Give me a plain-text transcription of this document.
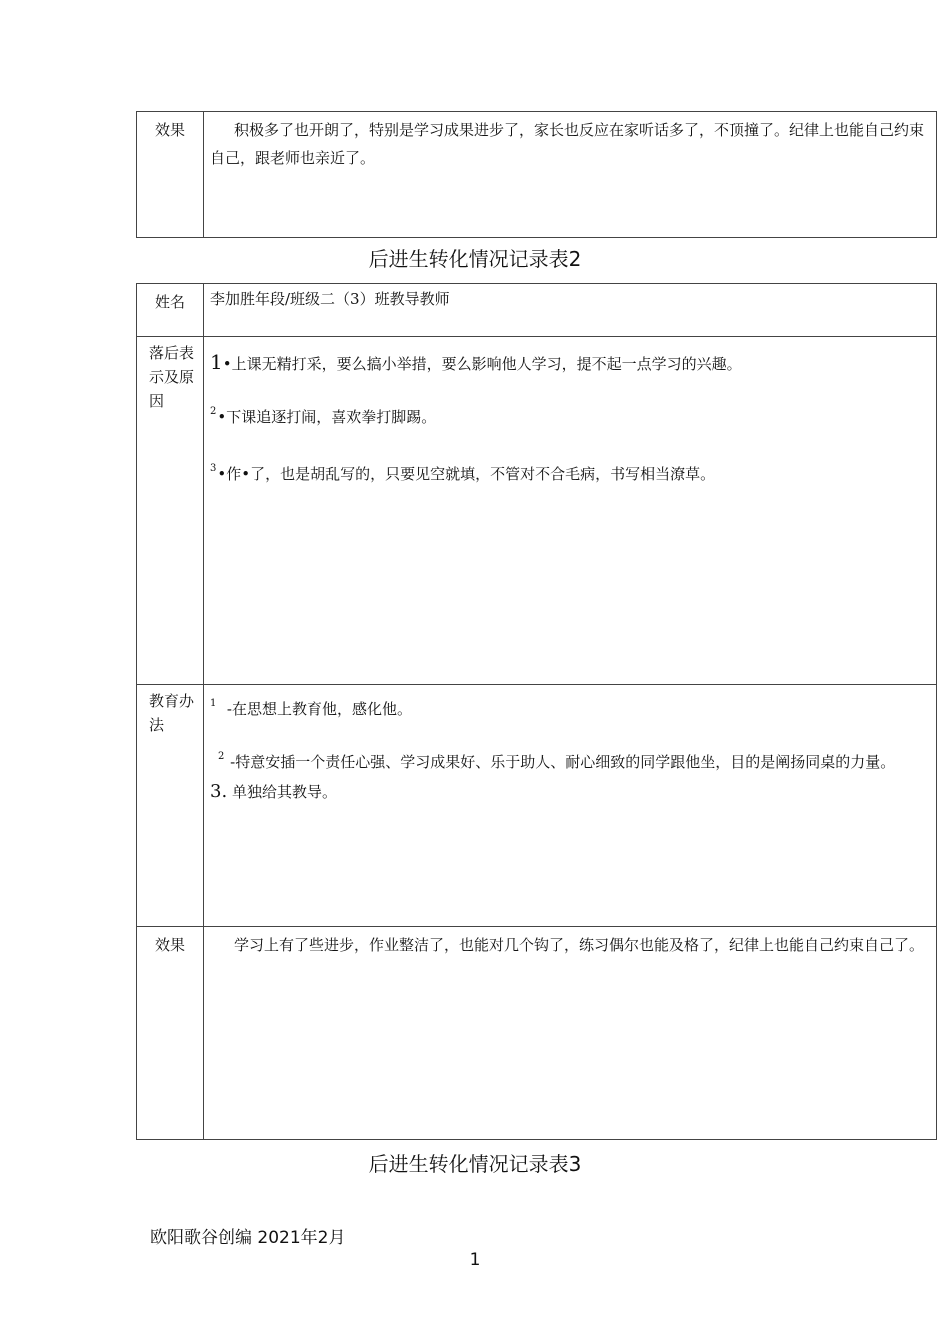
效果	积极多了也开朗了，特别是学习成果进步了，家长也反应在家听话多了，不顶撞了。纪律上也能自己约束自己，跟老师也亲近了。
后进生转化情况记录表2
姓名	李加胜年段/班级二（3）班教导教师

落后表示及原因	1•上课无精打采，要么搞小举措，要么影响他人学习，提不起一点学习的兴趣。
$^2$•下课追逐打闹，喜欢拳打脚踢。
$^3$•作•了，也是胡乱写的，只要见空就填，不管对不合毛病，书写相当潦草。

教育办法	$^1$ -在思想上教育他，感化他。
$^2$ -特意安插一个责任心强、学习成果好、乐于助人、耐心细致的同学跟他坐，目的是阐扬同桌的力量。
3. 单独给其教导。

效果	学习上有了些进步，作业整洁了，也能对几个钩了，练习偶尔也能及格了，纪律上也能自己约束自己了。
后进生转化情况记录表3
欧阳歌谷创编 2021年2月
1
